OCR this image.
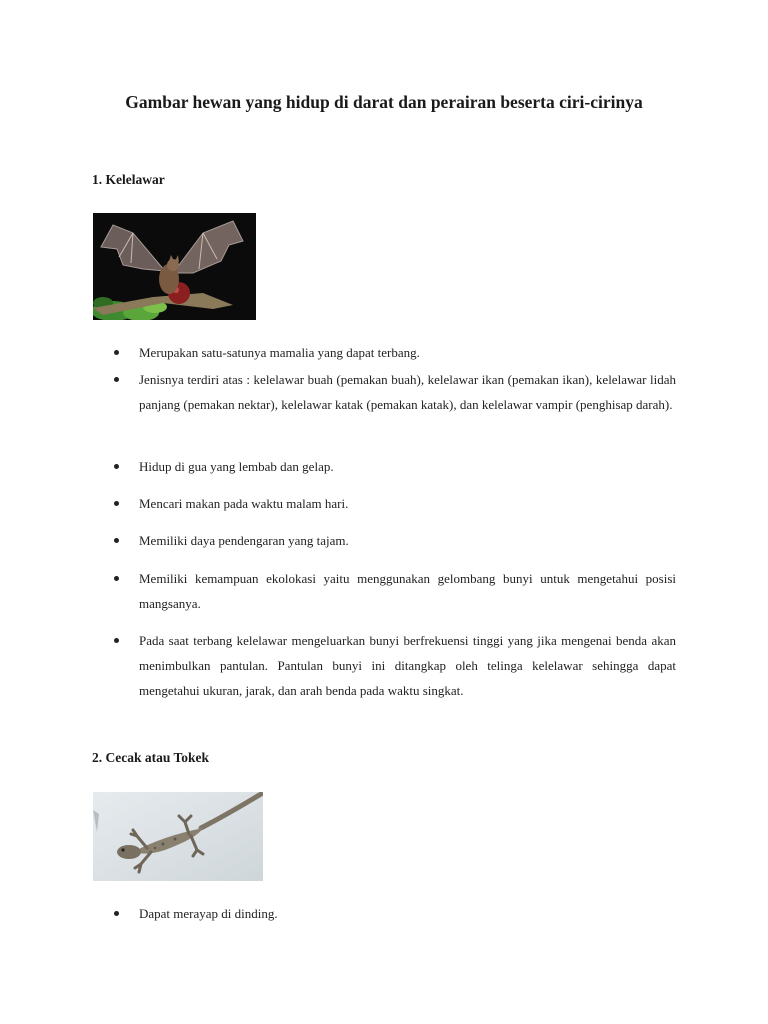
Gambar hewan yang hidup di darat dan perairan beserta ciri-cirinya
1. Kelelawar
Merupakan satu-satunya mamalia yang dapat terbang.
Jenisnya terdiri atas : kelelawar buah (pemakan buah), kelelawar ikan (pemakan ikan), kelelawar lidah panjang (pemakan nektar), kelelawar katak (pemakan katak), dan kelelawar vampir (penghisap darah).
Hidup di gua yang lembab dan gelap.
Mencari makan pada waktu malam hari.
Memiliki daya pendengaran yang tajam.
Memiliki kemampuan ekolokasi yaitu menggunakan gelombang bunyi untuk mengetahui posisi mangsanya.
Pada saat terbang kelelawar mengeluarkan bunyi berfrekuensi tinggi yang jika mengenai benda akan menimbulkan pantulan. Pantulan bunyi ini ditangkap oleh telinga kelelawar sehingga dapat mengetahui ukuran, jarak, dan arah benda pada waktu singkat.
2. Cecak atau Tokek
Dapat merayap di dinding.
